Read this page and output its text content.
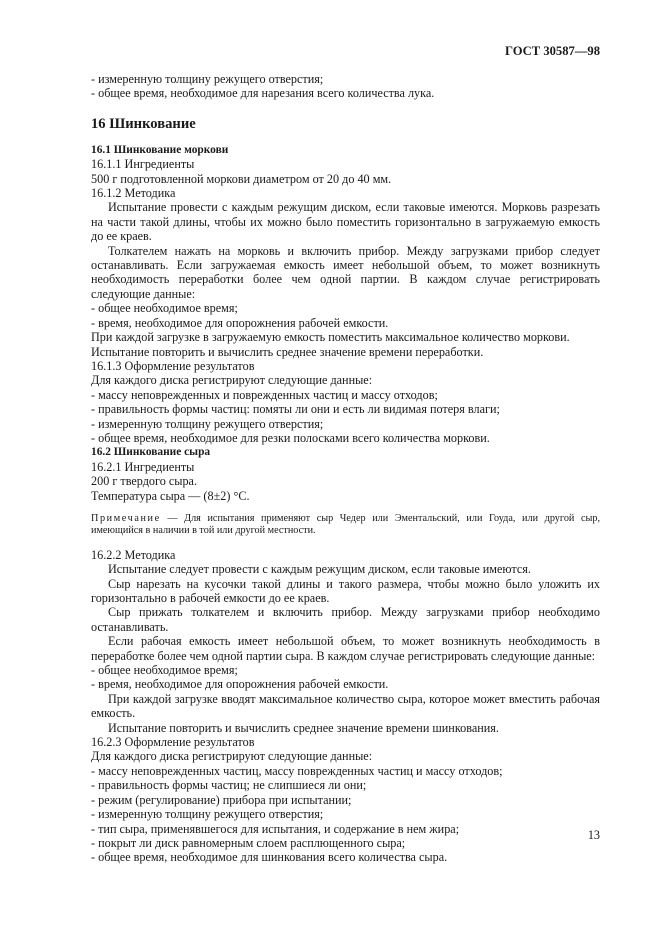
ГОСТ 30587—98

- измеренную толщину режущего отверстия;

- общее время, необходимое для нарезания всего количества лука.

16 Шинкование

16.1 Шинкование моркови

16.1.1 Ингредиенты

500 г подготовленной моркови диаметром от 20 до 40 мм.

16.1.2 Методика

Испытание провести с каждым режущим диском, если таковые имеются. Морковь разрезать на части такой длины, чтобы их можно было поместить горизонтально в загружаемую емкость до ее краев.

Толкателем нажать на морковь и включить прибор. Между загрузками прибор следует останавливать. Если загружаемая емкость имеет небольшой объем, то может возникнуть необходимость переработки более чем одной партии. В каждом случае регистрировать следующие данные:

- общее необходимое время;

- время, необходимое для опорожнения рабочей емкости.

При каждой загрузке в загружаемую емкость поместить максимальное количество моркови.

Испытание повторить и вычислить среднее значение времени переработки.

16.1.3 Оформление результатов

Для каждого диска регистрируют следующие данные:

- массу неповрежденных и поврежденных частиц и массу отходов;

- правильность формы частиц: помяты ли они и есть ли видимая потеря влаги;

- измеренную толщину режущего отверстия;

- общее время, необходимое для резки полосками всего количества моркови.

16.2 Шинкование сыра

16.2.1 Ингредиенты

200 г твердого сыра.

Температура сыра — (8±2) °С.

Примечание — Для испытания применяют сыр Чедер или Эментальский, или Гоуда, или другой сыр, имеющийся в наличии в той или другой местности.

16.2.2 Методика

Испытание следует провести с каждым режущим диском, если таковые имеются.

Сыр нарезать на кусочки такой длины и такого размера, чтобы можно было уложить их горизонтально в рабочей емкости до ее краев.

Сыр прижать толкателем и включить прибор. Между загрузками прибор необходимо останавливать.

Если рабочая емкость имеет небольшой объем, то может возникнуть необходимость в переработке более чем одной партии сыра. В каждом случае регистрировать следующие данные:

- общее необходимое время;

- время, необходимое для опорожнения рабочей емкости.

При каждой загрузке вводят максимальное количество сыра, которое может вместить рабочая емкость.

Испытание повторить и вычислить среднее значение времени шинкования.

16.2.3 Оформление результатов

Для каждого диска регистрируют следующие данные:

- массу неповрежденных частиц, массу поврежденных частиц и массу отходов;

- правильность формы частиц; не слипшиеся ли они;

- режим (регулирование) прибора при испытании;

- измеренную толщину режущего отверстия;

- тип сыра, применявшегося для испытания, и содержание в нем жира;

- покрыт ли диск равномерным слоем расплющенного сыра;

- общее время, необходимое для шинкования всего количества сыра.

13
